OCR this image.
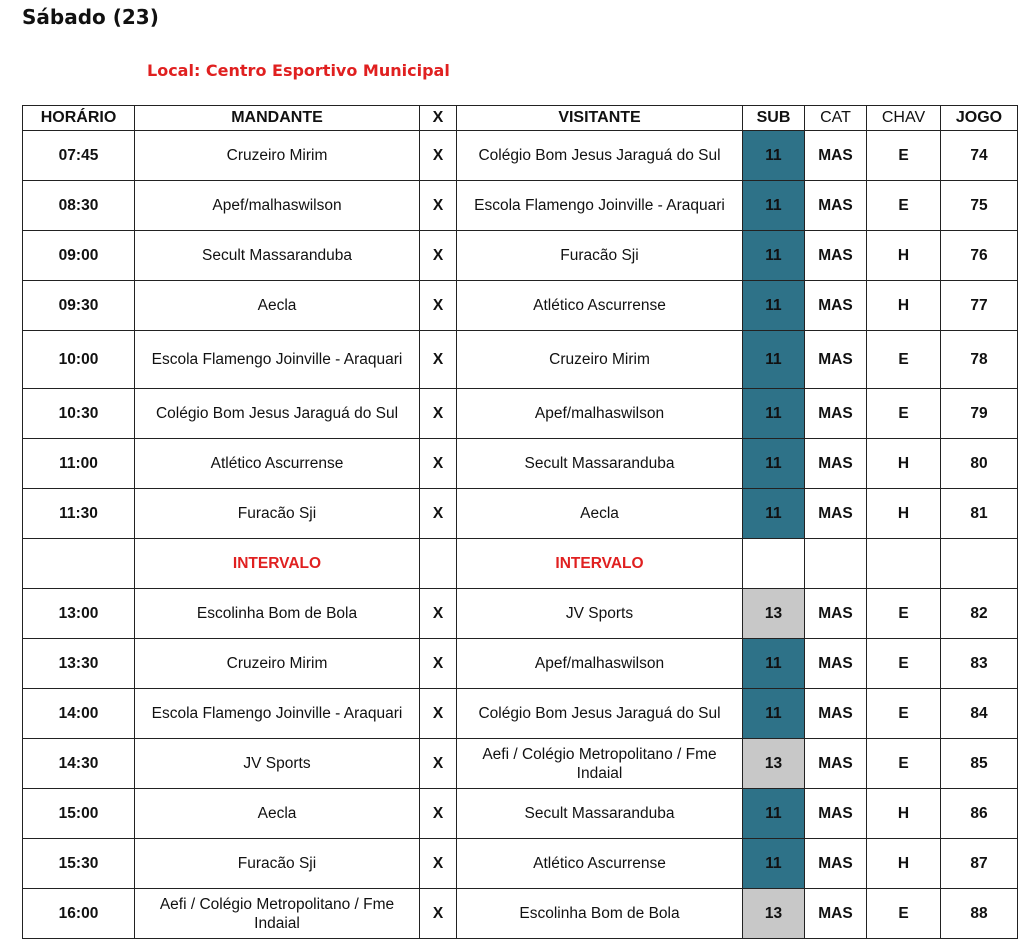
Sábado (23)
Local: Centro Esportivo Municipal
HORÁRIO	MANDANTE	X	VISITANTE	SUB	CAT	CHAV	JOGO
07:45	Cruzeiro Mirim	X	Colégio Bom Jesus Jaraguá do Sul	11	MAS	E	74
08:30	Apef/malhaswilson	X	Escola Flamengo Joinville - Araquari	11	MAS	E	75
09:00	Secult Massaranduba	X	Furacão Sji	11	MAS	H	76
09:30	Aecla	X	Atlético Ascurrense	11	MAS	H	77
10:00	Escola Flamengo Joinville - Araquari	X	Cruzeiro Mirim	11	MAS	E	78
10:30	Colégio Bom Jesus Jaraguá do Sul	X	Apef/malhaswilson	11	MAS	E	79
11:00	Atlético Ascurrense	X	Secult Massaranduba	11	MAS	H	80
11:30	Furacão Sji	X	Aecla	11	MAS	H	81
	INTERVALO		INTERVALO				
13:00	Escolinha Bom de Bola	X	JV Sports	13	MAS	E	82
13:30	Cruzeiro Mirim	X	Apef/malhaswilson	11	MAS	E	83
14:00	Escola Flamengo Joinville - Araquari	X	Colégio Bom Jesus Jaraguá do Sul	11	MAS	E	84
14:30	JV Sports	X	Aefi / Colégio Metropolitano / Fme Indaial	13	MAS	E	85
15:00	Aecla	X	Secult Massaranduba	11	MAS	H	86
15:30	Furacão Sji	X	Atlético Ascurrense	11	MAS	H	87
16:00	Aefi / Colégio Metropolitano / Fme Indaial	X	Escolinha Bom de Bola	13	MAS	E	88
